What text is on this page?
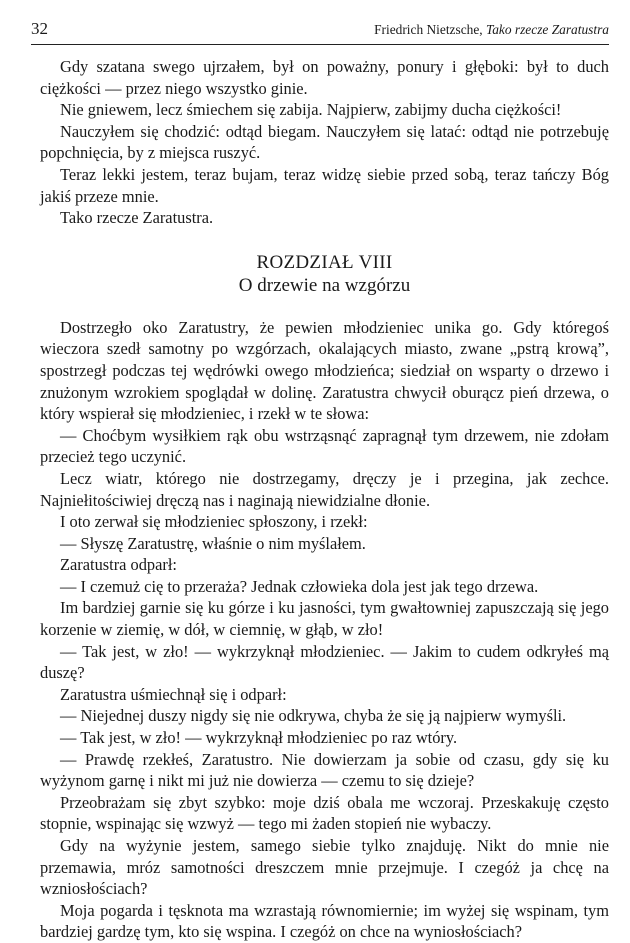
32	Friedrich Nietzsche, Tako rzecze Zaratustra

Gdy szatana swego ujrzałem, był on poważny, ponury i głęboki: był to duch ciężkości — przez niego wszystko ginie.

Nie gniewem, lecz śmiechem się zabija. Najpierw, zabijmy ducha ciężkości!

Nauczyłem się chodzić: odtąd biegam. Nauczyłem się latać: odtąd nie potrzebuję popchnięcia, by z miejsca ruszyć.

Teraz lekki jestem, teraz bujam, teraz widzę siebie przed sobą, teraz tańczy Bóg jakiś przeze mnie.

Tako rzecze Zaratustra.

ROZDZIAŁ VIII
O drzewie na wzgórzu

Dostrzegło oko Zaratustry, że pewien młodzieniec unika go. Gdy któregoś wieczora szedł samotny po wzgórzach, okalających miasto, zwane „pstrą krową”, spostrzegł podczas tej wędrówki owego młodzieńca; siedział on wsparty o drzewo i znużonym wzrokiem spoglądał w dolinę. Zaratustra chwycił oburącz pień drzewa, o który wspierał się młodzieniec, i rzekł w te słowa:

— Choćbym wysiłkiem rąk obu wstrząsnąć zapragnął tym drzewem, nie zdołam przecież tego uczynić.

Lecz wiatr, którego nie dostrzegamy, dręczy je i przegina, jak zechce. Najniełitościwiej dręczą nas i naginają niewidzialne dłonie.

I oto zerwał się młodzieniec spłoszony, i rzekł:

— Słyszę Zaratustrę, właśnie o nim myślałem.

Zaratustra odparł:

— I czemuż cię to przeraża? Jednak człowieka dola jest jak tego drzewa.

Im bardziej garnie się ku górze i ku jasności, tym gwałtowniej zapuszczają się jego korzenie w ziemię, w dół, w ciemnię, w głąb, w zło!

— Tak jest, w zło! — wykrzyknął młodzieniec. — Jakim to cudem odkryłeś mą duszę?

Zaratustra uśmiechnął się i odparł:

— Niejednej duszy nigdy się nie odkrywa, chyba że się ją najpierw wymyśli.

— Tak jest, w zło! — wykrzyknął młodzieniec po raz wtóry.

— Prawdę rzekłeś, Zaratustro. Nie dowierzam ja sobie od czasu, gdy się ku wyżynom garnę i nikt mi już nie dowierza — czemu to się dzieje?

Przeobrażam się zbyt szybko: moje dziś obala me wczoraj. Przeskakuję często stopnie, wspinając się wzwyż — tego mi żaden stopień nie wybaczy.

Gdy na wyżynie jestem, samego siebie tylko znajduję. Nikt do mnie nie przemawia, mróz samotności dreszczem mnie przejmuje. I czegóż ja chcę na wzniosłościach?

Moja pogarda i tęsknota ma wzrastają równomiernie; im wyżej się wspinam, tym bardziej gardzę tym, kto się wspina. I czegóż on chce na wyniosłościach?
